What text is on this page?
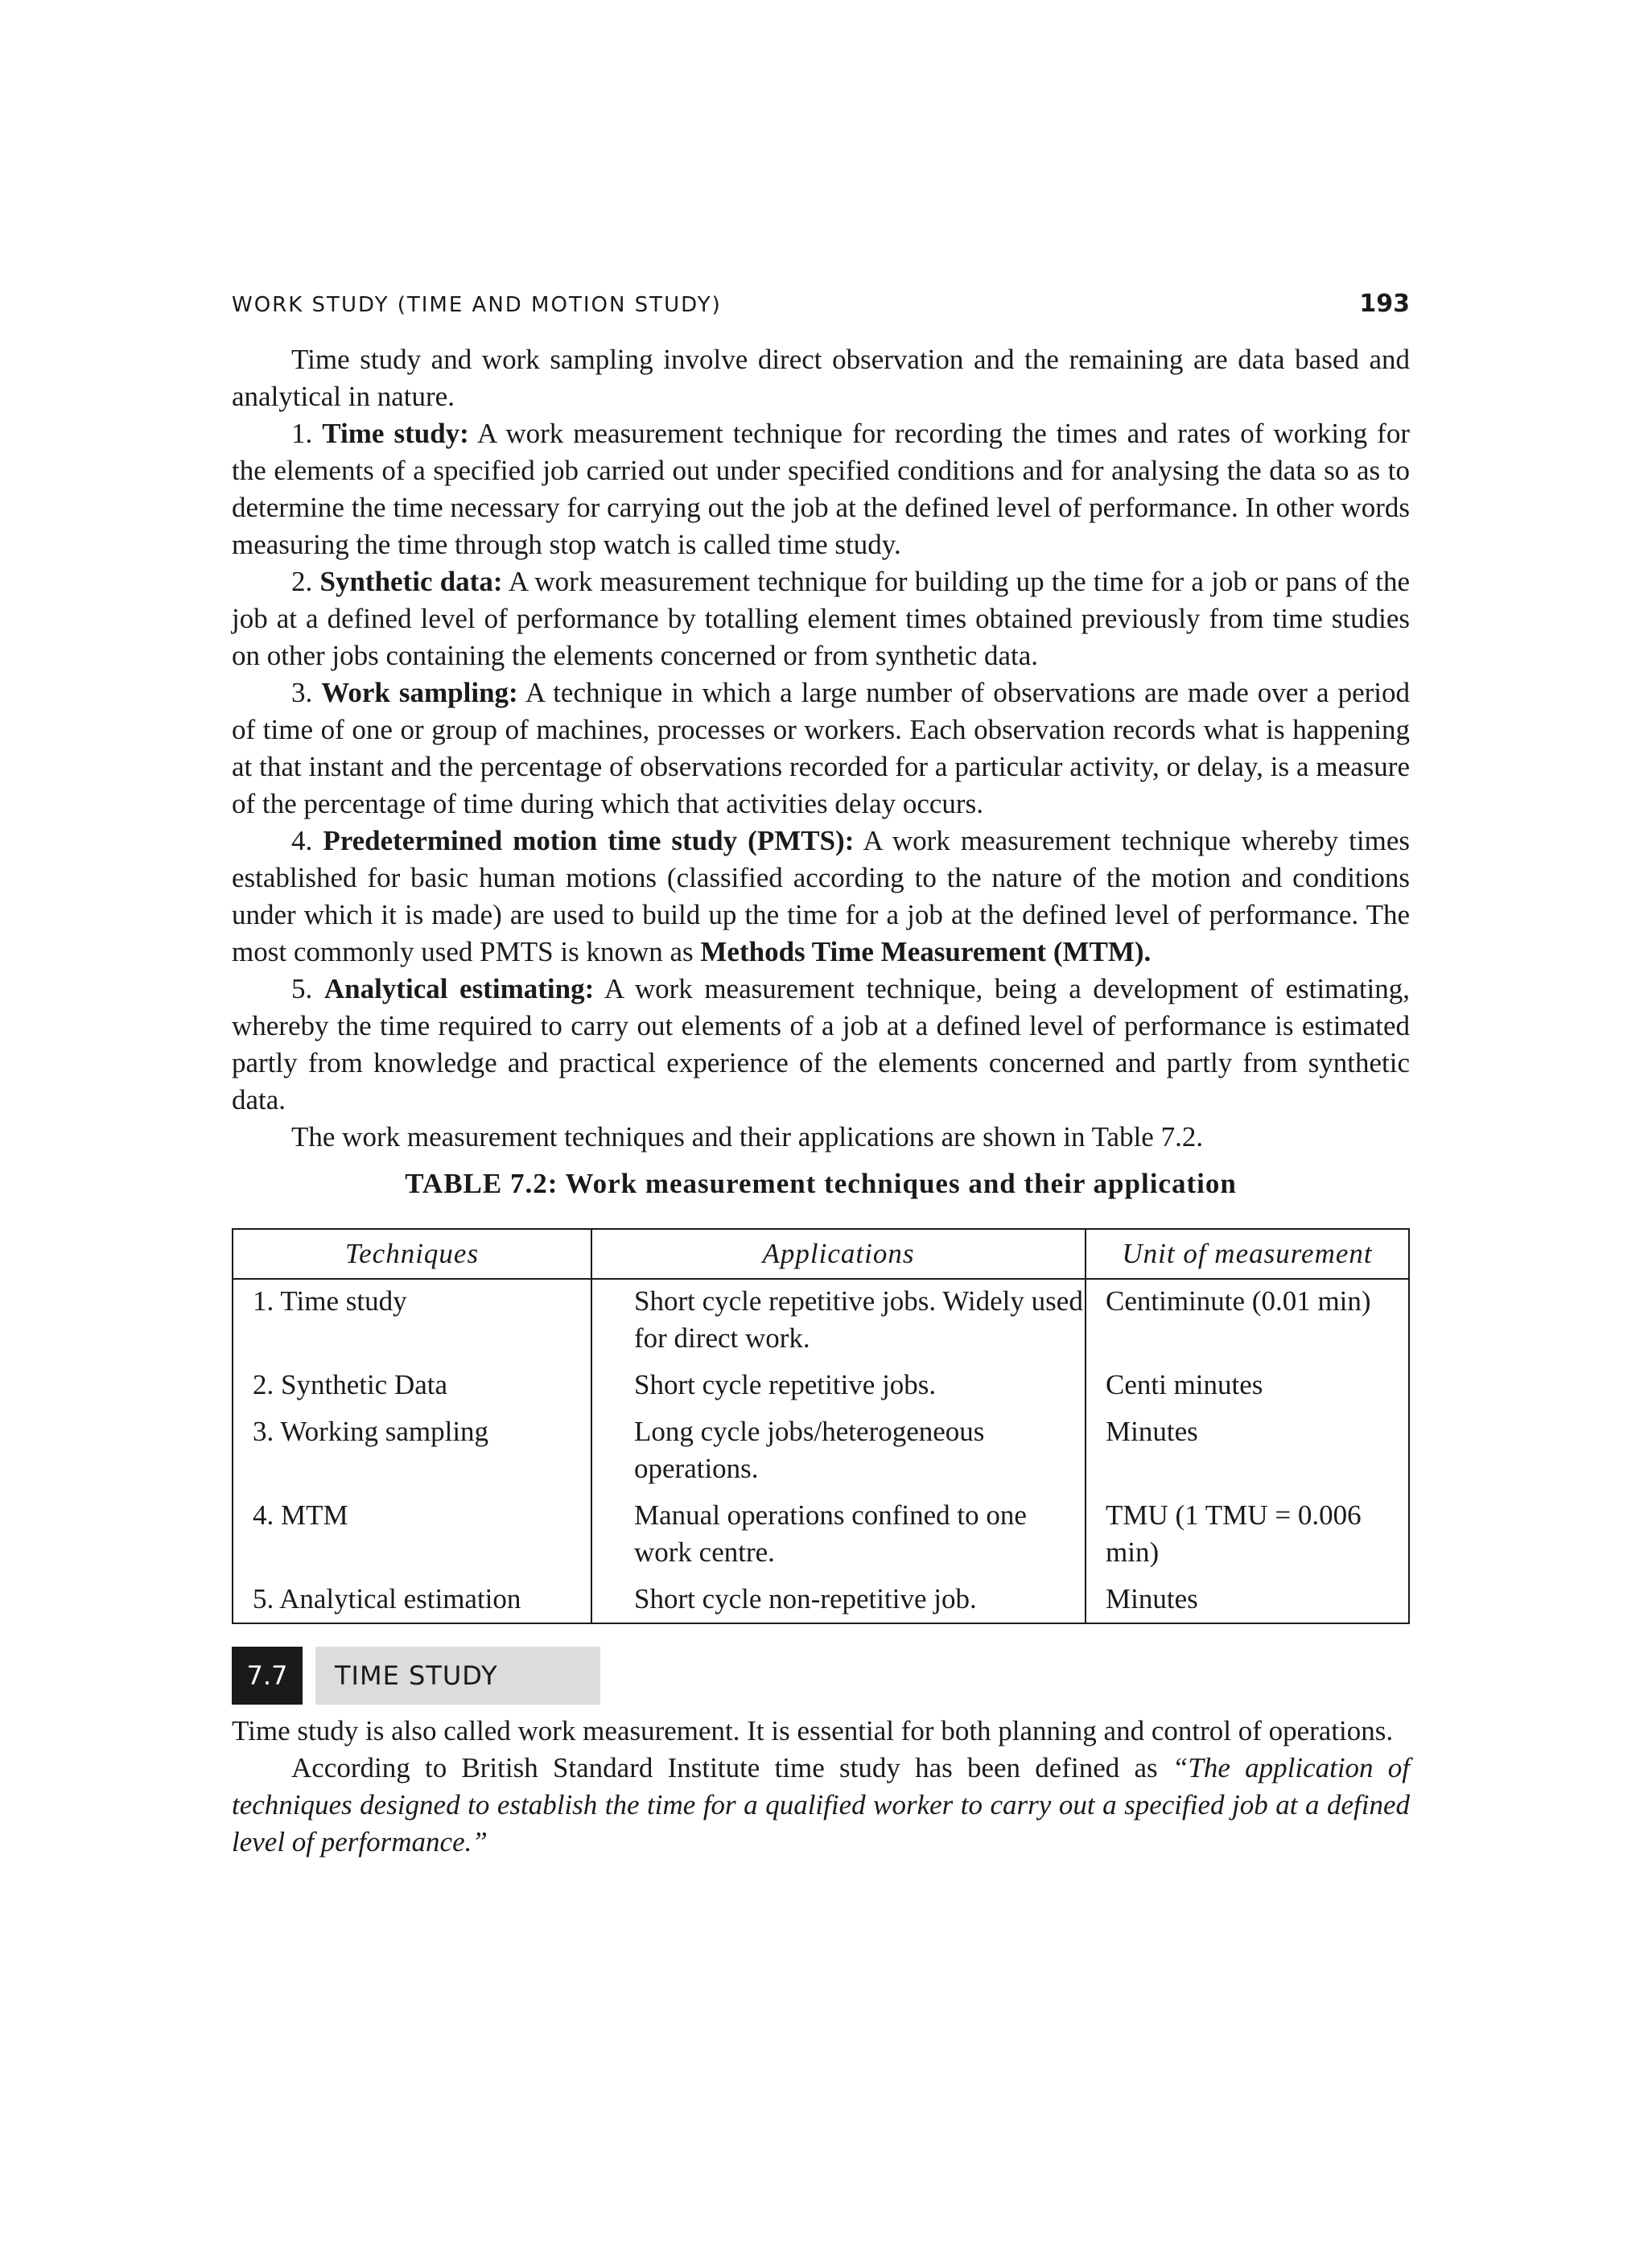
WORK STUDY (TIME AND MOTION STUDY)	193

Time study and work sampling involve direct observation and the remaining are data based and analytical in nature.

1. Time study: A work measurement technique for recording the times and rates of working for the elements of a specified job carried out under specified conditions and for analysing the data so as to determine the time necessary for carrying out the job at the defined level of performance. In other words measuring the time through stop watch is called time study.

2. Synthetic data: A work measurement technique for building up the time for a job or pans of the job at a defined level of performance by totalling element times obtained previously from time studies on other jobs containing the elements concerned or from synthetic data.

3. Work sampling: A technique in which a large number of observations are made over a period of time of one or group of machines, processes or workers. Each observation records what is happening at that instant and the percentage of observations recorded for a particular activity, or delay, is a measure of the percentage of time during which that activities delay occurs.

4. Predetermined motion time study (PMTS): A work measurement technique whereby times established for basic human motions (classified according to the nature of the motion and conditions under which it is made) are used to build up the time for a job at the defined level of performance. The most commonly used PMTS is known as Methods Time Measurement (MTM).

5. Analytical estimating: A work measurement technique, being a development of estimating, whereby the time required to carry out elements of a job at a defined level of performance is estimated partly from knowledge and practical experience of the elements concerned and partly from synthetic data.

The work measurement techniques and their applications are shown in Table 7.2.

TABLE 7.2: Work measurement techniques and their application
Techniques	Applications	Unit of measurement
1. Time study	Short cycle repetitive jobs. Widely used for direct work.	Centiminute (0.01 min)
2. Synthetic Data	Short cycle repetitive jobs.	Centi minutes
3. Working sampling	Long cycle jobs/heterogeneous operations.	Minutes
4. MTM	Manual operations confined to one work centre.	TMU (1 TMU = 0.006 min)
5. Analytical estimation	Short cycle non-repetitive job.	Minutes
7.7	TIME STUDY

Time study is also called work measurement. It is essential for both planning and control of operations.

According to British Standard Institute time study has been defined as “The application of techniques designed to establish the time for a qualified worker to carry out a specified job at a defined level of performance.”
